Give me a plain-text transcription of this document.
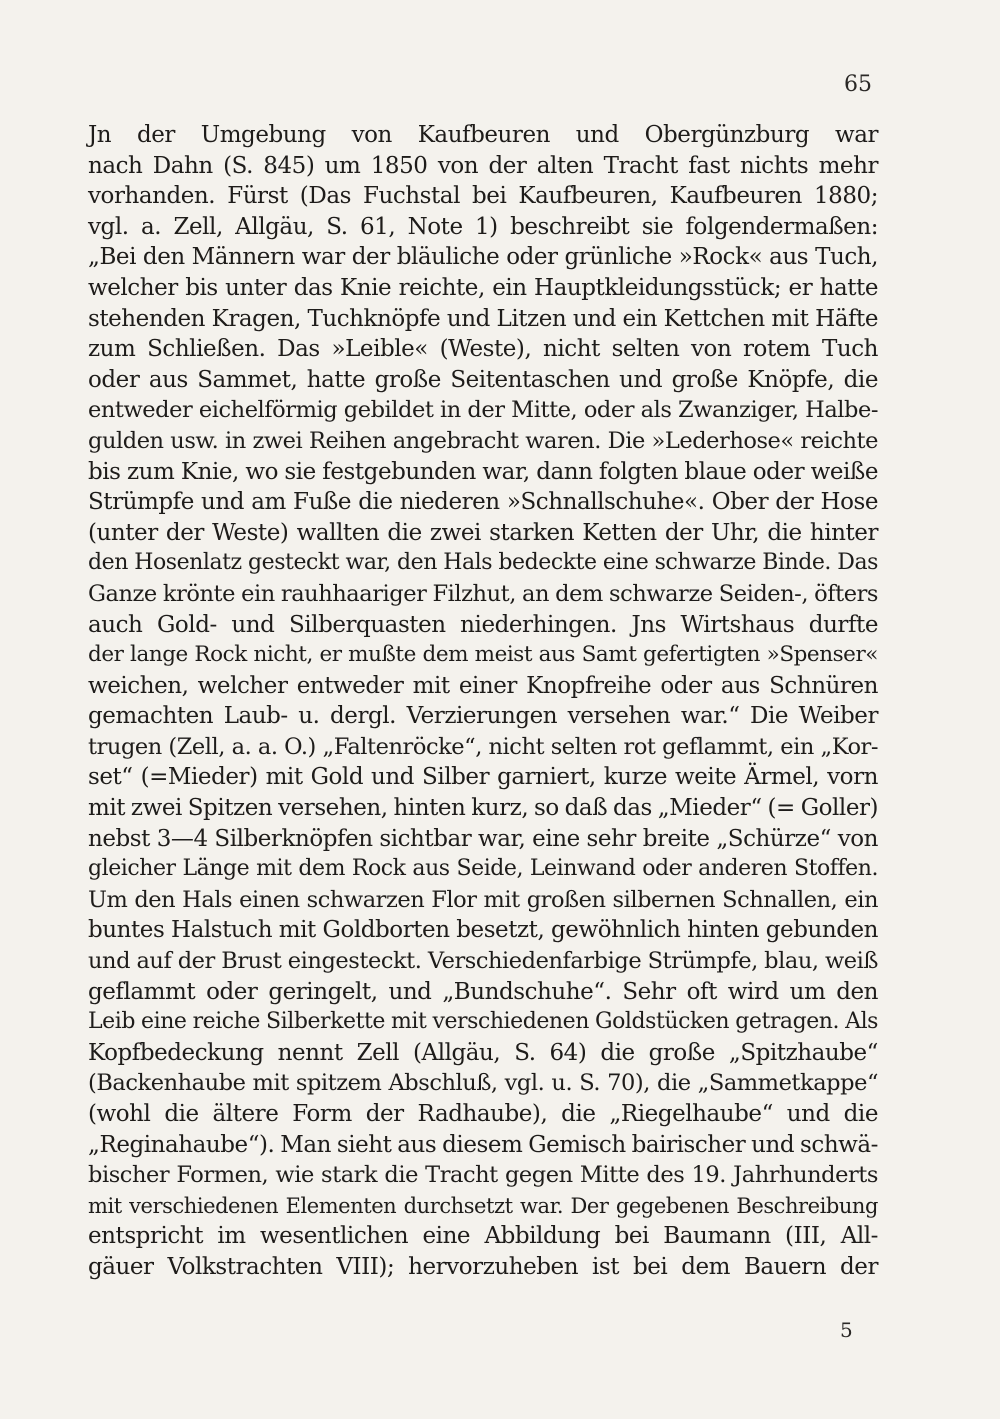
65
Jn der Umgebung von Kaufbeuren und Obergünzburg war
nach Dahn (S. 845) um 1850 von der alten Tracht fast nichts mehr
vorhanden. Fürst (Das Fuchstal bei Kaufbeuren, Kaufbeuren 1880;
vgl. a. Zell, Allgäu, S. 61, Note 1) beschreibt sie folgendermaßen:
„Bei den Männern war der bläuliche oder grünliche »Rock« aus Tuch,
welcher bis unter das Knie reichte, ein Hauptkleidungsstück; er hatte
stehenden Kragen, Tuchknöpfe und Litzen und ein Kettchen mit Häfte
zum Schließen. Das »Leible« (Weste), nicht selten von rotem Tuch
oder aus Sammet, hatte große Seitentaschen und große Knöpfe, die
entweder eichelförmig gebildet in der Mitte, oder als Zwanziger, Halbe-
gulden usw. in zwei Reihen angebracht waren. Die »Lederhose« reichte
bis zum Knie, wo sie festgebunden war, dann folgten blaue oder weiße
Strümpfe und am Fuße die niederen »Schnallschuhe«. Ober der Hose
(unter der Weste) wallten die zwei starken Ketten der Uhr, die hinter
den Hosenlatz gesteckt war, den Hals bedeckte eine schwarze Binde. Das
Ganze krönte ein rauhhaariger Filzhut, an dem schwarze Seiden-, öfters
auch Gold- und Silberquasten niederhingen. Jns Wirtshaus durfte
der lange Rock nicht, er mußte dem meist aus Samt gefertigten »Spenser«
weichen, welcher entweder mit einer Knopfreihe oder aus Schnüren
gemachten Laub- u. dergl. Verzierungen versehen war.“ Die Weiber
trugen (Zell, a. a. O.) „Faltenröcke“, nicht selten rot geflammt, ein „Kor-
set“ (=Mieder) mit Gold und Silber garniert, kurze weite Ärmel, vorn
mit zwei Spitzen versehen, hinten kurz, so daß das „Mieder“ (= Goller)
nebst 3—4 Silberknöpfen sichtbar war, eine sehr breite „Schürze“ von
gleicher Länge mit dem Rock aus Seide, Leinwand oder anderen Stoffen.
Um den Hals einen schwarzen Flor mit großen silbernen Schnallen, ein
buntes Halstuch mit Goldborten besetzt, gewöhnlich hinten gebunden
und auf der Brust eingesteckt. Verschiedenfarbige Strümpfe, blau, weiß
geflammt oder geringelt, und „Bundschuhe“. Sehr oft wird um den
Leib eine reiche Silberkette mit verschiedenen Goldstücken getragen. Als
Kopfbedeckung nennt Zell (Allgäu, S. 64) die große „Spitzhaube“
(Backenhaube mit spitzem Abschluß, vgl. u. S. 70), die „Sammetkappe“
(wohl die ältere Form der Radhaube), die „Riegelhaube“ und die
„Reginahaube“). Man sieht aus diesem Gemisch bairischer und schwä-
bischer Formen, wie stark die Tracht gegen Mitte des 19. Jahrhunderts
mit verschiedenen Elementen durchsetzt war. Der gegebenen Beschreibung
entspricht im wesentlichen eine Abbildung bei Baumann (III, All-
gäuer Volkstrachten VIII); hervorzuheben ist bei dem Bauern der
5
